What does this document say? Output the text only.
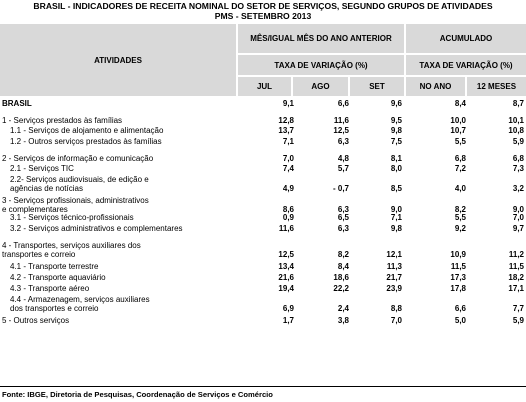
BRASIL - INDICADORES DE RECEITA NOMINAL DO SETOR DE SERVIÇOS, SEGUNDO GRUPOS DE ATIVIDADES
PMS - SETEMBRO 2013
ATIVIDADES
MÊS/IGUAL MÊS DO ANO ANTERIOR	ACUMULADO
TAXA DE VARIAÇÃO (%)	TAXA DE VARIAÇÃO (%)
JUL	AGO	SET	NO ANO	12 MESES
BRASIL	9,1	6,6	9,6	8,4	8,7
1 - Serviços prestados às famílias	12,8	11,6	9,5	10,0	10,1
1.1 - Serviços de alojamento e alimentação	13,7	12,5	9,8	10,7	10,8
1.2 - Outros serviços prestados às famílias	7,1	6,3	7,5	5,5	5,9
2 - Serviços de informação e comunicação	7,0	4,8	8,1	6,8	6,8
2.1 - Serviços TIC	7,4	5,7	8,0	7,2	7,3
2.2- Serviços audiovisuais, de edição e
agências de notícias	4,9	- 0,7	8,5	4,0	3,2
3 - Serviços profissionais, administrativos
e complementares	8,6	6,3	9,0	8,2	9,0
3.1 - Serviços técnico-profissionais	0,9	6,5	7,1	5,5	7,0
3.2 - Serviços administrativos e complementares	11,6	6,3	9,8	9,2	9,7
4 - Transportes, serviços auxiliares dos
transportes e correio	12,5	8,2	12,1	10,9	11,2
4.1 - Transporte terrestre	13,4	8,4	11,3	11,5	11,5
4.2 - Transporte aquaviário	21,6	18,6	21,7	17,3	18,2
4.3 - Transporte aéreo	19,4	22,2	23,9	17,8	17,1
4.4 - Armazenagem, serviços auxiliares
dos transportes e correio	6,9	2,4	8,8	6,6	7,7
5 - Outros serviços	1,7	3,8	7,0	5,0	5,9
Fonte: IBGE, Diretoria de Pesquisas, Coordenação de Serviços e Comércio
